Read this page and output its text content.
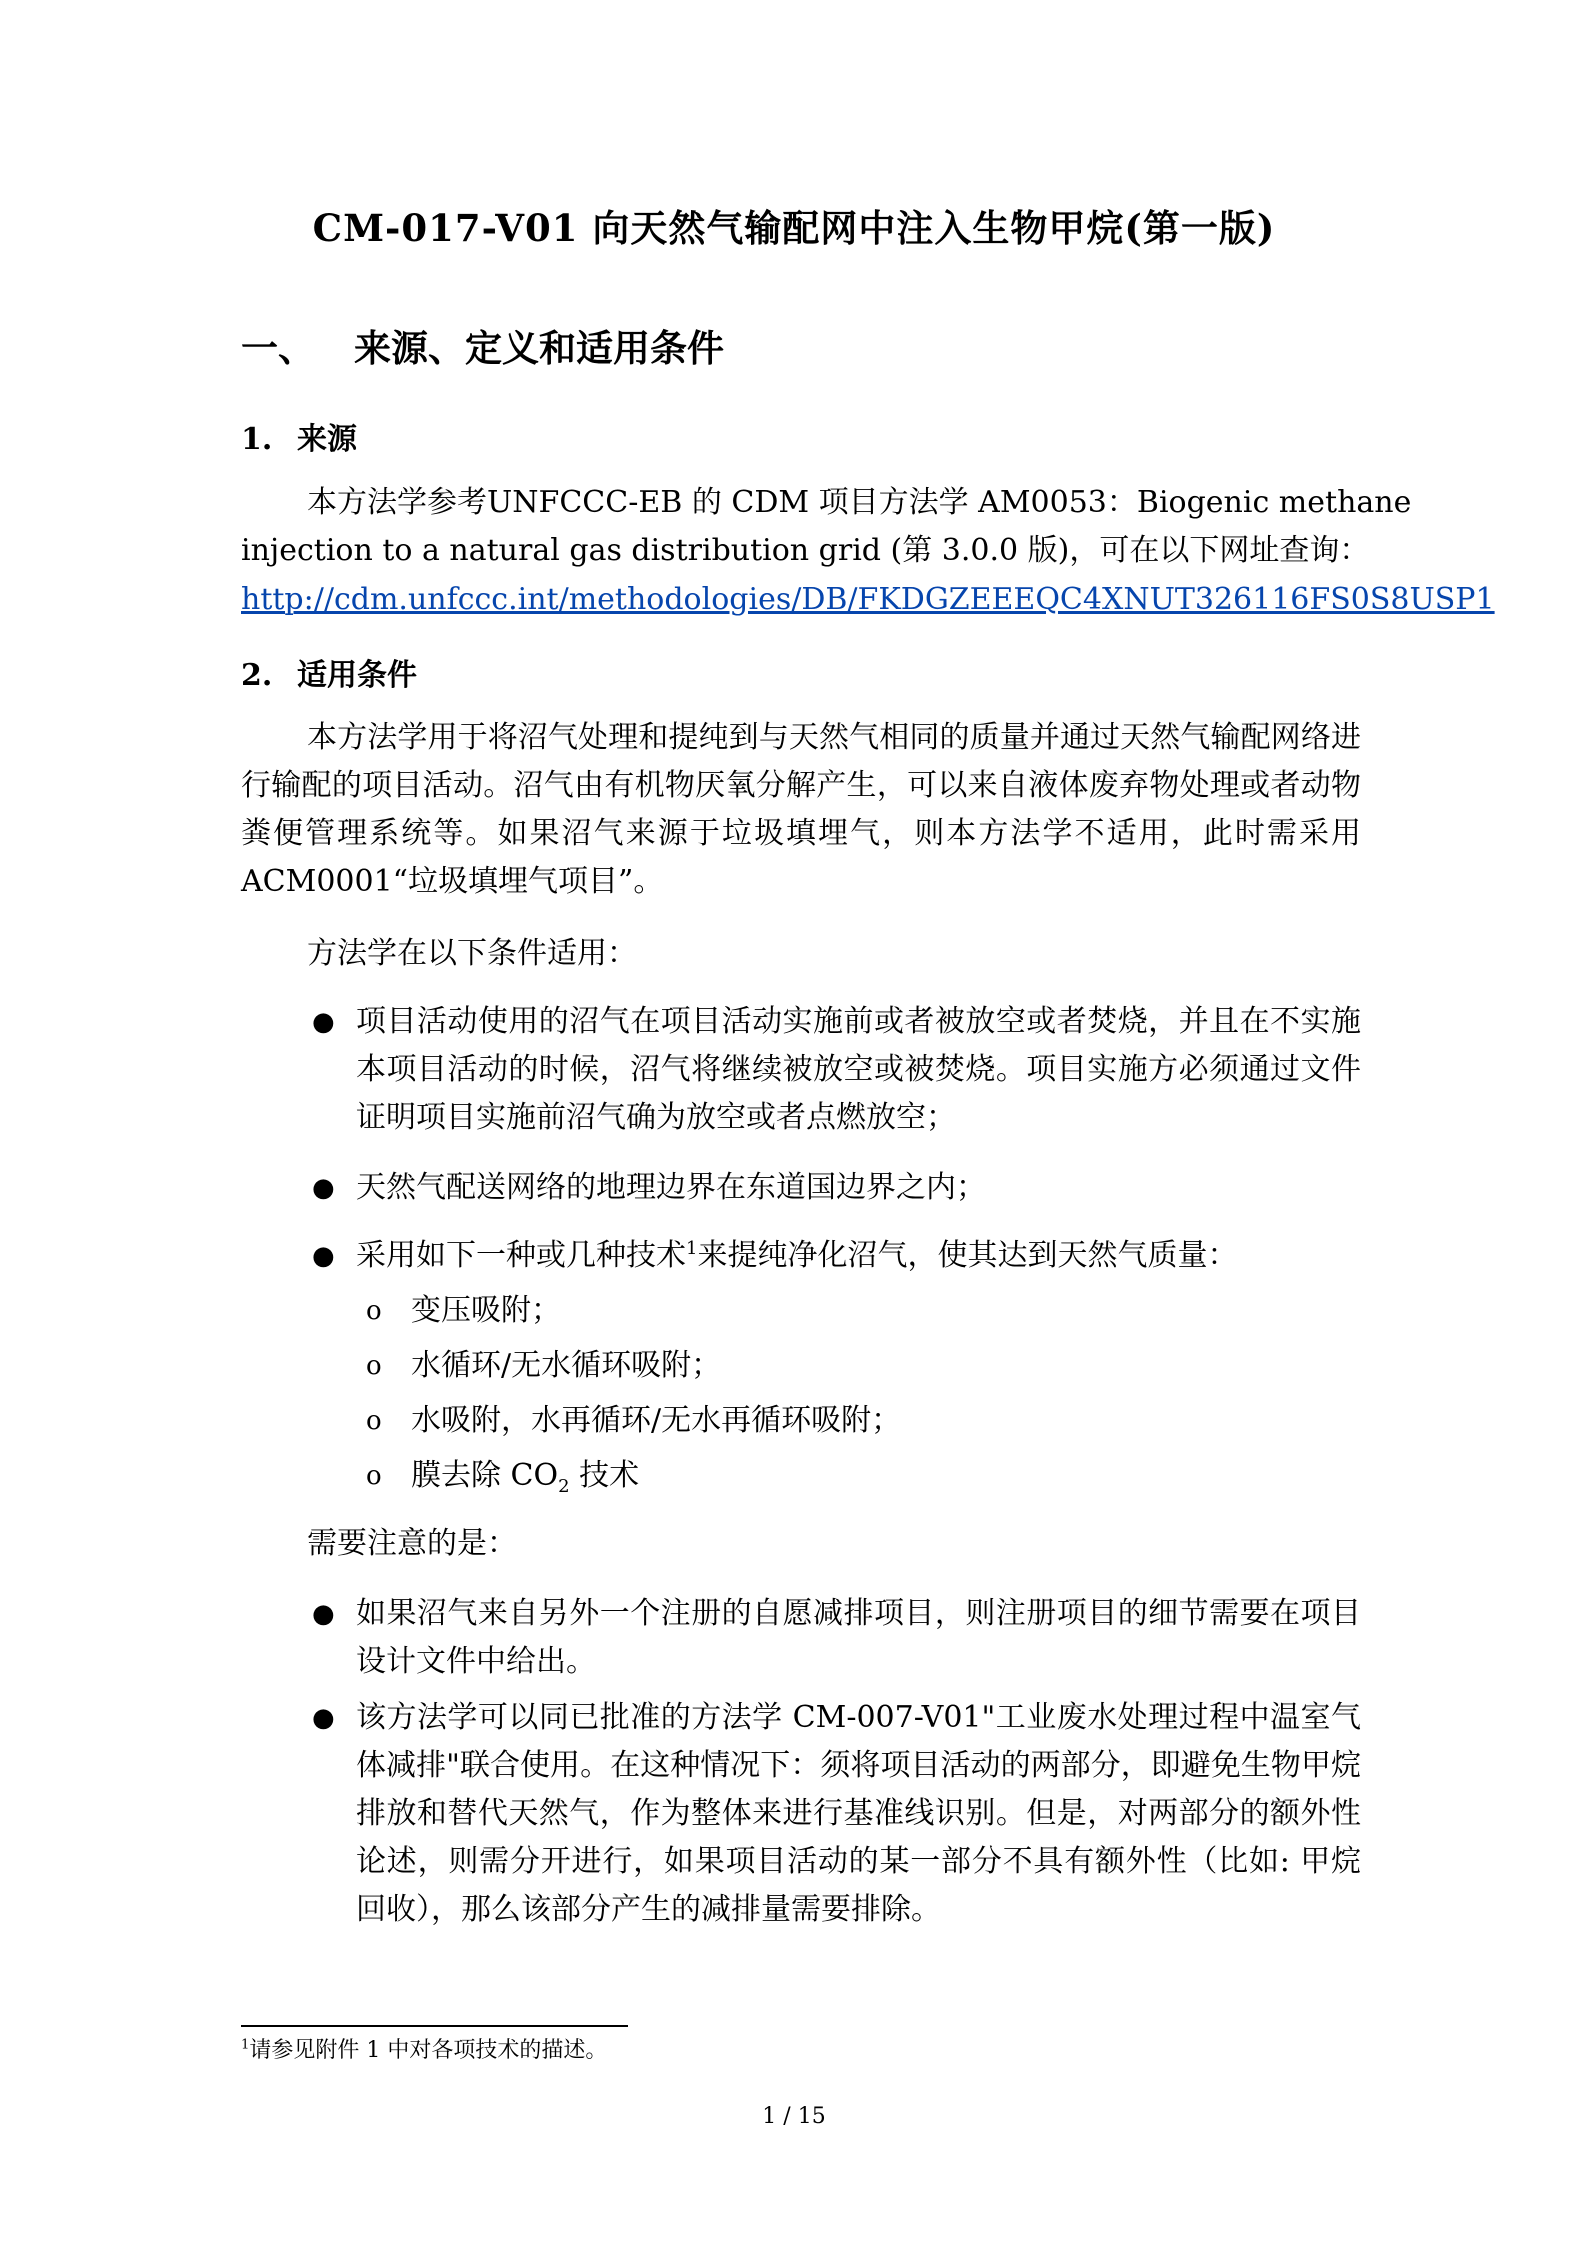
CM-017-V01 向天然气输配网中注入生物甲烷(第一版)
一、 来源、定义和适用条件
1. 来源
本方法学参考UNFCCC-EB 的 CDM 项目方法学 AM0053：Biogenic methane
injection to a natural gas distribution grid (第 3.0.0 版)，可在以下网址查询：
http://cdm.unfccc.int/methodologies/DB/FKDGZEEEQC4XNUT326116FS0S8USP1
2. 适用条件
本方法学用于将沼气处理和提纯到与天然气相同的质量并通过天然气输配网络进行输配的项目活动。沼气由有机物厌氧分解产生，可以来自液体废弃物处理或者动物粪便管理系统等。如果沼气来源于垃圾填埋气，则本方法学不适用，此时需采用 ACM0001“垃圾填埋气项目”。
方法学在以下条件适用：
● 项目活动使用的沼气在项目活动实施前或者被放空或者焚烧，并且在不实施本项目活动的时候，沼气将继续被放空或被焚烧。项目实施方必须通过文件证明项目实施前沼气确为放空或者点燃放空；
● 天然气配送网络的地理边界在东道国边界之内；
● 采用如下一种或几种技术$^1$来提纯净化沼气，使其达到天然气质量：
o 变压吸附；
o 水循环/无水循环吸附；
o 水吸附，水再循环/无水再循环吸附；
o 膜去除 $CO_2$ 技术
需要注意的是：
● 如果沼气来自另外一个注册的自愿减排项目，则注册项目的细节需要在项目设计文件中给出。
● 该方法学可以同已批准的方法学 CM-007-V01"工业废水处理过程中温室气体减排"联合使用。在这种情况下：须将项目活动的两部分，即避免生物甲烷排放和替代天然气，作为整体来进行基准线识别。但是，对两部分的额外性论述，则需分开进行，如果项目活动的某一部分不具有额外性（比如: 甲烷回收），那么该部分产生的减排量需要排除。
$^1$请参见附件 1 中对各项技术的描述。
1 / 15
